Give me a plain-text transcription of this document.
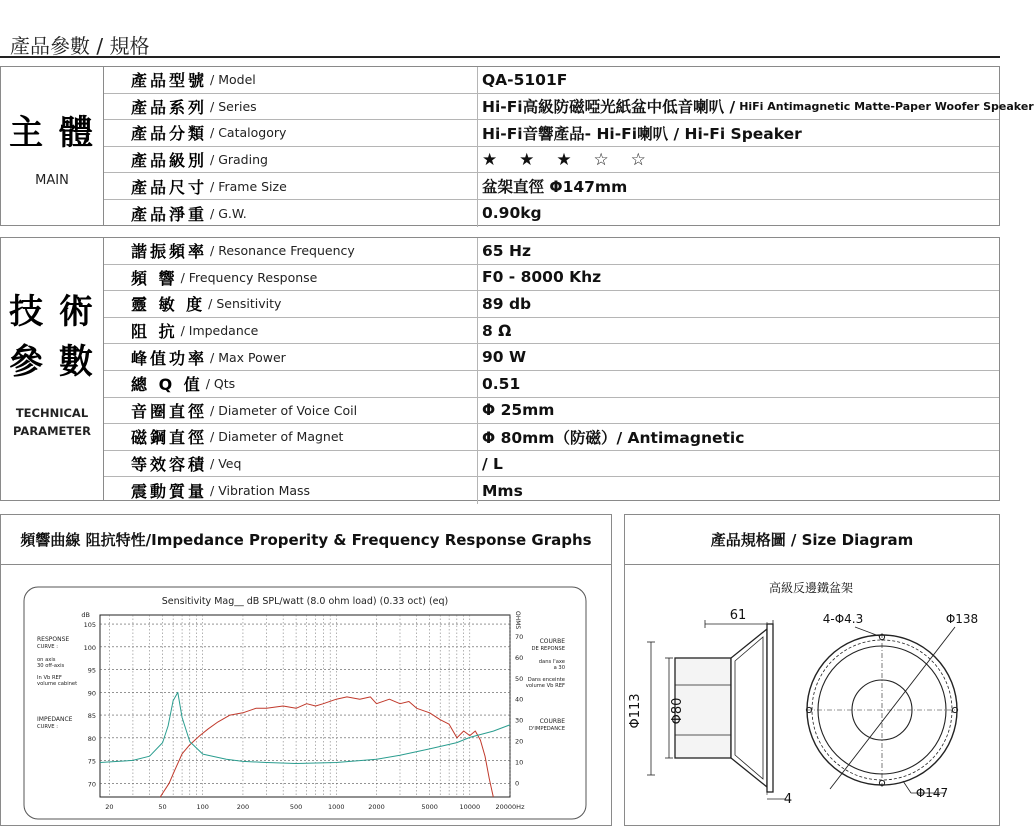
產品參數 / 規格
主 體
MAIN
產品型號 / Model	QA-5101F
產品系列 / Series	Hi-Fi高級防磁啞光紙盆中低音喇叭 / HiFi Antimagnetic Matte-Paper Woofer Speaker
產品分類 / Catalogory	Hi-Fi音響產品- Hi-Fi喇叭 / Hi-Fi Speaker
產品級別 / Grading	★ ★ ★ ☆ ☆
產品尺寸 / Frame Size	盆架直徑 Φ147mm
產品淨重 / G.W.	0.90kg
技 術
參 數
TECHNICAL
PARAMETER
諧振頻率 / Resonance Frequency	65 Hz
頻 響 / Frequency Response	F0 - 8000 Khz
靈 敏 度 / Sensitivity	89 db
阻 抗 / Impedance	8 Ω
峰值功率 / Max Power	90 W
總 Q 值 / Qts	0.51
音圈直徑 / Diameter of Voice Coil	Φ 25mm
磁鋼直徑 / Diameter of Magnet	Φ 80mm（防磁）/ Antimagnetic
等效容積 / Veq	/ L
震動質量 / Vibration Mass	Mms
頻響曲線 阻抗特性/Impedance Properity & Frequency Response Graphs
Sensitivity Mag__ dB SPL/watt (8.0 ohm load) (0.33 oct) (eq)
105
100
95
90
85
80
75
70
dB
70
60
50
40
30
20
10
0
OHMS
20	50	100	200	500	1000	2000	5000	10000 20000Hz
RESPONSE
CURVE :
on axis
30 off-axis
In Vb REF
volume cabinet
IMPEDANCE
CURVE :
COURBE
DE REPONSE
dans l'axe
a 30
Dans enceinte
volume Vb REF
COURBE
D'IMPEDANCE
產品規格圖 / Size Diagram
高級反邊鐵盆架
61
Φ113 Φ80
4
4-Φ4.3	Φ138
Φ147
